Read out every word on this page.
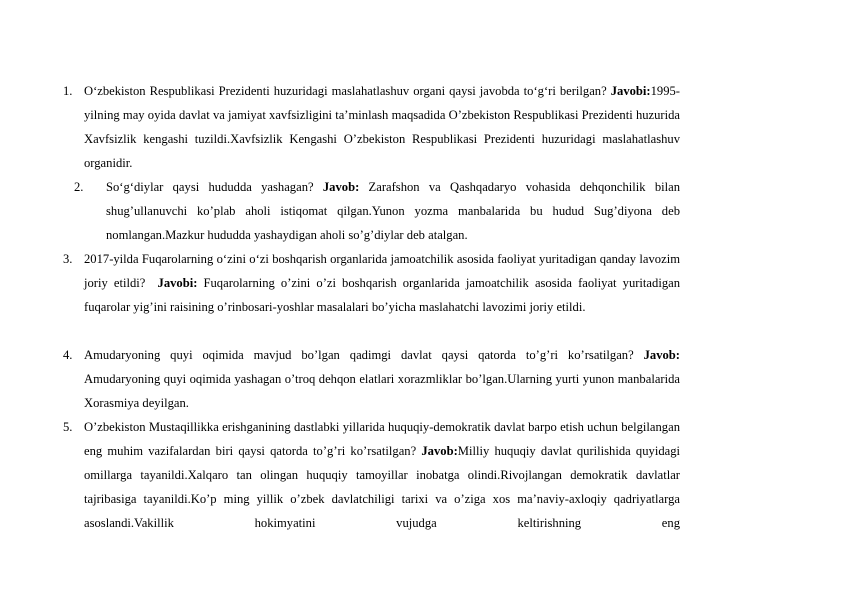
1. O‘zbekiston Respublikasi Prezidenti huzuridagi maslahatlashuv organi qaysi javobda to‘g‘ri berilgan? Javobi:1995-yilning may oyida davlat va jamiyat xavfsizligini ta’minlash maqsadida O’zbekiston Respublikasi Prezidenti huzurida Xavfsizlik kengashi tuzildi.Xavfsizlik Kengashi O’zbekiston Respublikasi Prezidenti huzuridagi maslahatlashuv organidir.
2. So‘g‘diylar qaysi hududda yashagan? Javob: Zarafshon va Qashqadaryo vohasida dehqonchilik bilan shug’ullanuvchi ko’plab aholi istiqomat qilgan.Yunon yozma manbalarida bu hudud Sug’diyona deb nomlangan.Mazkur hududda yashaydigan aholi so’g’diylar deb atalgan.
3. 2017-yilda Fuqarolarning o‘zini o‘zi boshqarish organlarida jamoatchilik asosida faoliyat yuritadigan qanday lavozim joriy etildi? Javobi: Fuqarolarning o’zini o’zi boshqarish organlarida jamoatchilik asosida faoliyat yuritadigan fuqarolar yig’ini raisining o’rinbosari-yoshlar masalalari bo’yicha maslahatchi lavozimi joriy etildi.
4. Amudaryoning quyi oqimida mavjud bo’lgan qadimgi davlat qaysi qatorda to’g’ri ko’rsatilgan? Javob: Amudaryoning quyi oqimida yashagan o’troq dehqon elatlari xorazmliklar bo’lgan.Ularning yurti yunon manbalarida Xorasmiya deyilgan.
5. O’zbekiston Mustaqillikka erishganining dastlabki yillarida huquqiy-demokratik davlat barpo etish uchun belgilangan eng muhim vazifalardan biri qaysi qatorda to’g’ri ko’rsatilgan? Javob:Milliy huquqiy davlat qurilishida quyidagi omillarga tayanildi.Xalqaro tan olingan huquqiy tamoyillar inobatga olindi.Rivojlangan demokratik davlatlar tajribasiga tayanildi.Ko’p ming yillik o’zbek davlatchiligi tarixi va o’ziga xos ma’naviy-axloqiy qadriyatlarga asoslandi.Vakillik hokimyatini vujudga keltirishning eng
